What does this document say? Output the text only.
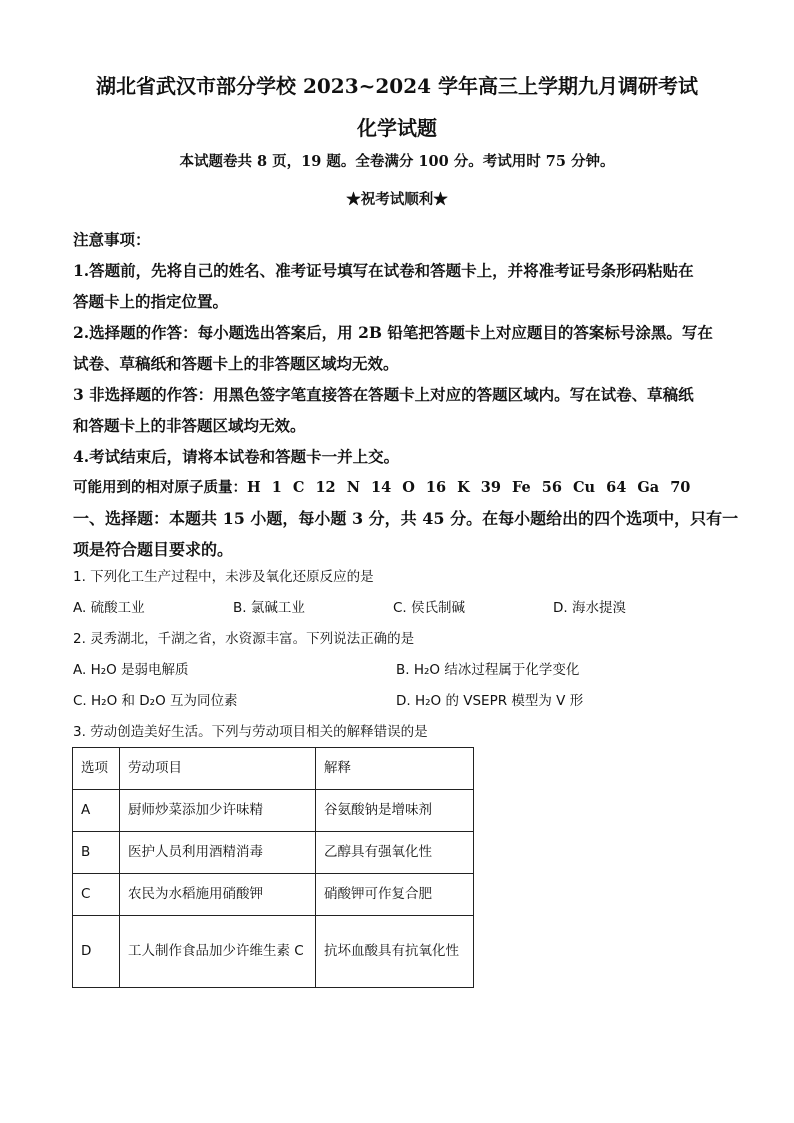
湖北省武汉市部分学校 2023~2024 学年高三上学期九月调研考试
化学试题
本试题卷共 8 页，19 题。全卷满分 100 分。考试用时 75 分钟。
★祝考试顺利★
注意事项：
1.答题前，先将自己的姓名、准考证号填写在试卷和答题卡上，并将准考证号条形码粘贴在
答题卡上的指定位置。
2.选择题的作答：每小题选出答案后，用 2B 铅笔把答题卡上对应题目的答案标号涂黑。写在
试卷、草稿纸和答题卡上的非答题区域均无效。
3 非选择题的作答：用黑色签字笔直接答在答题卡上对应的答题区域内。写在试卷、草稿纸
和答题卡上的非答题区域均无效。
4.考试结束后，请将本试卷和答题卡一并上交。
可能用到的相对原子质量：H 1 C 12 N 14 O 16 K 39 Fe 56 Cu 64 Ga 70
一、选择题：本题共 15 小题，每小题 3 分，共 45 分。在每小题给出的四个选项中，只有一
项是符合题目要求的。
1. 下列化工生产过程中，未涉及氧化还原反应的是
A. 硫酸工业	B. 氯碱工业	C. 侯氏制碱	D. 海水提溴
2. 灵秀湖北，千湖之省，水资源丰富。下列说法正确的是
A. H₂O 是弱电解质	B. H₂O 结冰过程属于化学变化
C. H₂O 和 D₂O 互为同位素	D. H₂O 的 VSEPR 模型为 V 形
3. 劳动创造美好生活。下列与劳动项目相关的解释错误的是
选项	劳动项目	解释
A	厨师炒菜添加少许味精	谷氨酸钠是增味剂
B	医护人员利用酒精消毒	乙醇具有强氧化性
C	农民为水稻施用硝酸钾	硝酸钾可作复合肥
D	工人制作食品加少许维生素 C	抗坏血酸具有抗氧化性
